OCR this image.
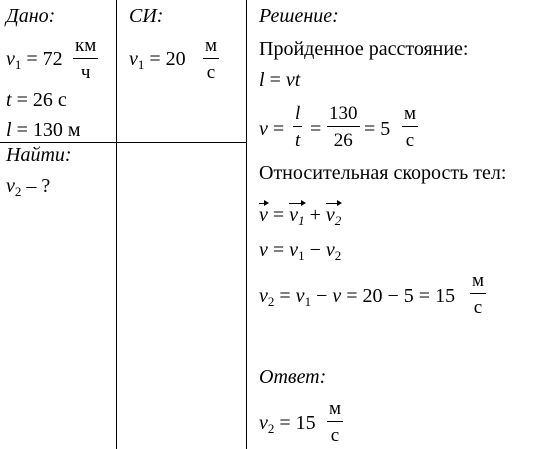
Дано:	СИ:	Решение:
$v_1 = 72$
км
ч
t = 26 с
l = 130 м
Найти:
$v_2$ – ?
$v_1 = 20$
м
с
Пройденное расстояние:
l = vt
$v = \frac{l}{t} = \frac{130}{26} = 5$
м
с
Относительная скорость тел:
$v = v_1 + v_2$
$v = v_1 - v_2$
$v_2 = v_1 - v = 20 - 5 = 15$
м
с
Ответ:
$v_2 = 15$
м
с
